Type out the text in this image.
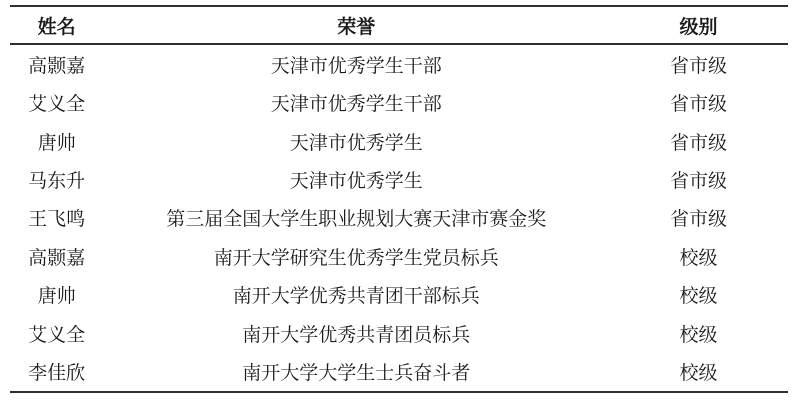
姓名	荣誉	级别
高颢嘉	天津市优秀学生干部	省市级
艾义全	天津市优秀学生干部	省市级
唐帅	天津市优秀学生	省市级
马东升	天津市优秀学生	省市级
王飞鸣	第三届全国大学生职业规划大赛天津市赛金奖	省市级
高颢嘉	南开大学研究生优秀学生党员标兵	校级
唐帅	南开大学优秀共青团干部标兵	校级
艾义全	南开大学优秀共青团员标兵	校级
李佳欣	南开大学大学生士兵奋斗者	校级
